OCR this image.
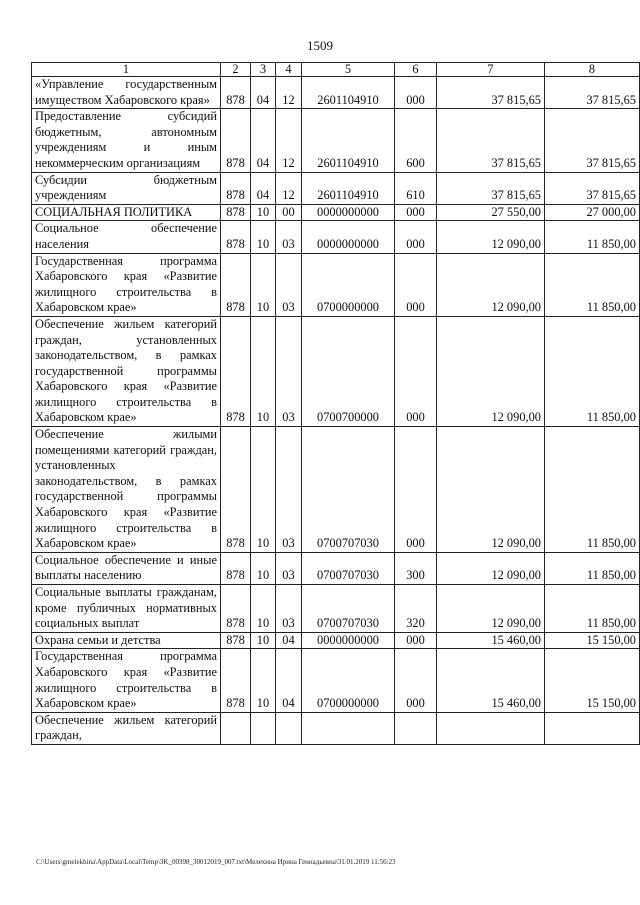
1509
1	2	3	4	5	6	7	8
«Управление государственным имуществом Хабаровского края»	878	04	12	2601104910	000	37 815,65	37 815,65
Предоставление субсидий бюджетным, автономным учреждениям и иным некоммерческим организациям	878	04	12	2601104910	600	37 815,65	37 815,65
Субсидии бюджетным учреждениям	878	04	12	2601104910	610	37 815,65	37 815,65
СОЦИАЛЬНАЯ ПОЛИТИКА	878	10	00	0000000000	000	27 550,00	27 000,00
Социальное обеспечение населения	878	10	03	0000000000	000	12 090,00	11 850,00
Государственная программа Хабаровского края «Развитие жилищного строительства в Хабаровском крае»	878	10	03	0700000000	000	12 090,00	11 850,00
Обеспечение жильем категорий граждан, установленных законодательством, в рамках государственной программы Хабаровского края «Развитие жилищного строительства в Хабаровском крае»	878	10	03	0700700000	000	12 090,00	11 850,00
Обеспечение жилыми помещениями категорий граждан, установленных законодательством, в рамках государственной программы Хабаровского края «Развитие жилищного строительства в Хабаровском крае»	878	10	03	0700707030	000	12 090,00	11 850,00
Социальное обеспечение и иные выплаты населению	878	10	03	0700707030	300	12 090,00	11 850,00
Социальные выплаты гражданам, кроме публичных нормативных социальных выплат	878	10	03	0700707030	320	12 090,00	11 850,00
Охрана семьи и детства	878	10	04	0000000000	000	15 460,00	15 150,00
Государственная программа Хабаровского края «Развитие жилищного строительства в Хабаровском крае»	878	10	04	0700000000	000	15 460,00	15 150,00
Обеспечение жильем категорий граждан,							
C:\Users\gmelekhina\AppData\Local\Temp\3K_00398_30012019_007.txt\Мелехина Ирина Геннадьевна\31.01.2019 11:56:23
